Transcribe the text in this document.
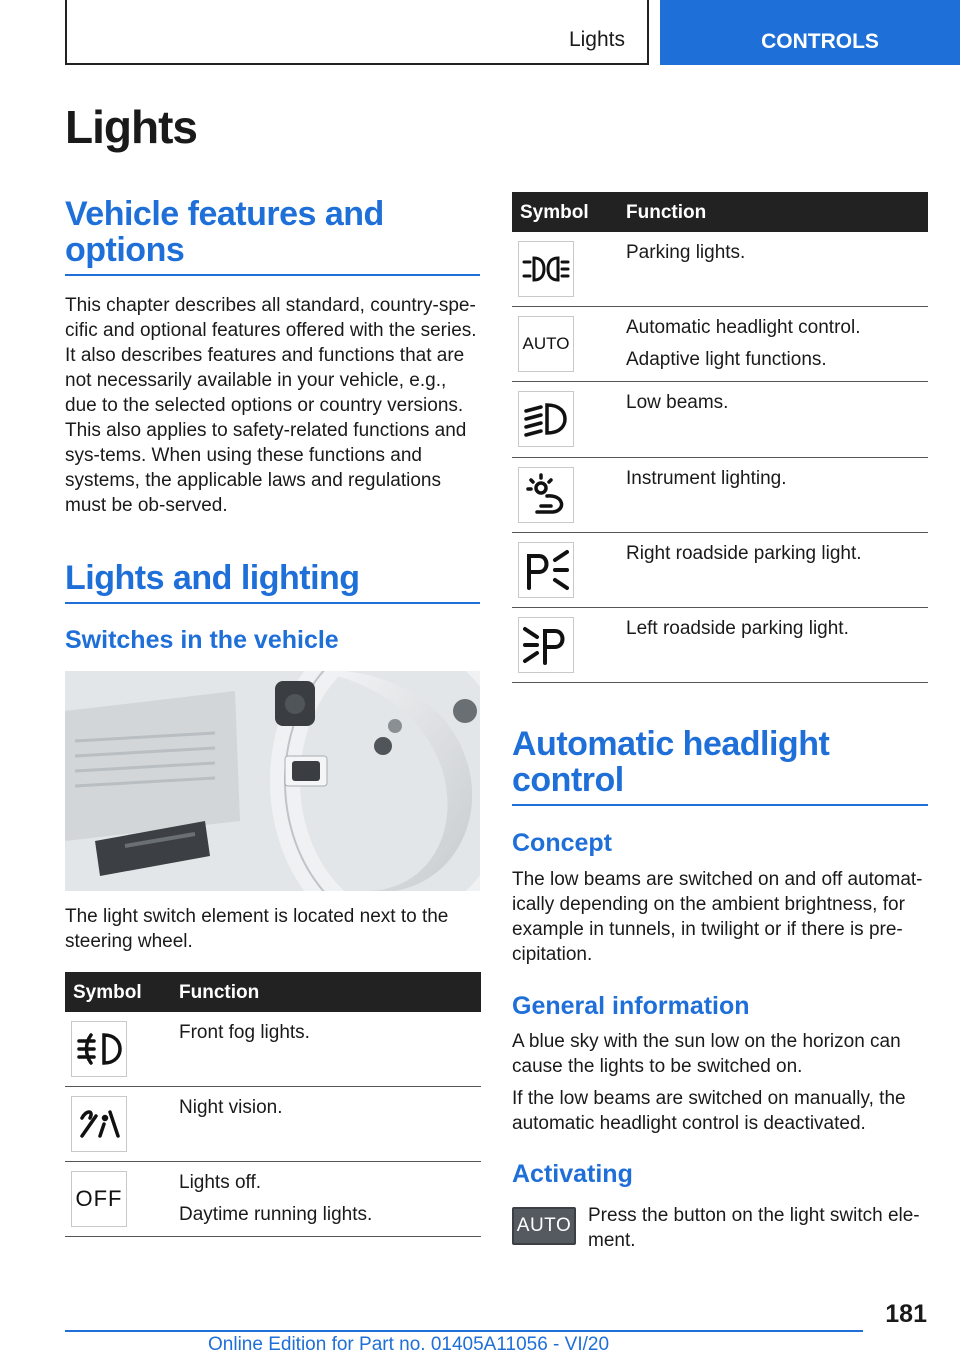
Lights	CONTROLS
Lights
Vehicle features and options
This chapter describes all standard, country-spe-cific and optional features offered with the series. It also describes features and functions that are not necessarily available in your vehicle, e.g., due to the selected options or country versions. This also applies to safety-related functions and sys-tems. When using these functions and systems, the applicable laws and regulations must be ob-served.
Lights and lighting
Switches in the vehicle
The light switch element is located next to the steering wheel.
Symbol Function
Front fog lights.
Night vision.
OFF
Lights off.
Daytime running lights.
Symbol Function
Parking lights.
AUTO
Automatic headlight control.
Adaptive light functions.
Low beams.
Instrument lighting.
Right roadside parking light.
Left roadside parking light.
Automatic headlight control
Concept
The low beams are switched on and off automat-ically depending on the ambient brightness, for example in tunnels, in twilight or if there is pre-cipitation.
General information
A blue sky with the sun low on the horizon can cause the lights to be switched on.
If the low beams are switched on manually, the automatic headlight control is deactivated.
Activating
AUTO Press the button on the light switch ele-ment.
181
Online Edition for Part no. 01405A11056 - VI/20
